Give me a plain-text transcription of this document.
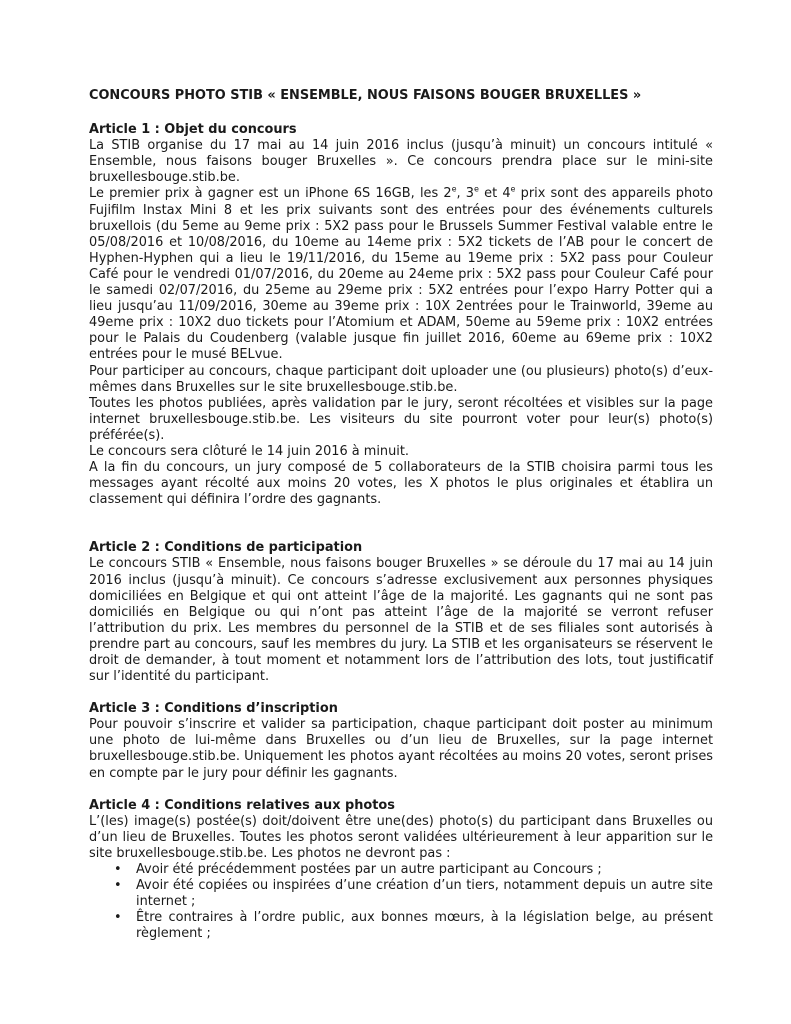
CONCOURS PHOTO STIB « ENSEMBLE, NOUS FAISONS BOUGER BRUXELLES »

Article 1 : Objet du concours

La STIB organise du 17 mai au 14 juin 2016 inclus (jusqu’à minuit) un concours intitulé « Ensemble, nous faisons bouger Bruxelles ». Ce concours prendra place sur le mini-site bruxellesbouge.stib.be.

Le premier prix à gagner est un iPhone 6S 16GB, les 2e, 3e et 4e prix sont des appareils photo Fujifilm Instax Mini 8 et les prix suivants sont des entrées pour des événements culturels bruxellois (du 5eme au 9eme prix : 5X2 pass pour le Brussels Summer Festival valable entre le 05/08/2016 et 10/08/2016, du 10eme au 14eme prix : 5X2 tickets de l’AB pour le concert de Hyphen-Hyphen qui a lieu le 19/11/2016, du 15eme au 19eme prix : 5X2 pass pour Couleur Café pour le vendredi 01/07/2016, du 20eme au 24eme prix : 5X2 pass pour Couleur Café pour le samedi 02/07/2016, du 25eme au 29eme prix : 5X2 entrées pour l’expo Harry Potter qui a lieu jusqu’au 11/09/2016, 30eme au 39eme prix : 10X 2entrées pour le Trainworld, 39eme au 49eme prix : 10X2 duo tickets pour l’Atomium et ADAM, 50eme au 59eme prix : 10X2 entrées pour le Palais du Coudenberg (valable jusque fin juillet 2016, 60eme au 69eme prix : 10X2 entrées pour le musé BELvue.

Pour participer au concours, chaque participant doit uploader une (ou plusieurs) photo(s) d’eux-mêmes dans Bruxelles sur le site bruxellesbouge.stib.be.

Toutes les photos publiées, après validation par le jury, seront récoltées et visibles sur la page internet bruxellesbouge.stib.be. Les visiteurs du site pourront voter pour leur(s) photo(s) préférée(s).

Le concours sera clôturé le 14 juin 2016 à minuit.

A la fin du concours, un jury composé de 5 collaborateurs de la STIB choisira parmi tous les messages ayant récolté aux moins 20 votes, les X photos le plus originales et établira un classement qui définira l’ordre des gagnants.

Article 2 : Conditions de participation

Le concours STIB « Ensemble, nous faisons bouger Bruxelles » se déroule du 17 mai au 14 juin 2016 inclus (jusqu’à minuit). Ce concours s’adresse exclusivement aux personnes physiques domiciliées en Belgique et qui ont atteint l’âge de la majorité. Les gagnants qui ne sont pas domiciliés en Belgique ou qui n’ont pas atteint l’âge de la majorité se verront refuser l’attribution du prix. Les membres du personnel de la STIB et de ses filiales sont autorisés à prendre part au concours, sauf les membres du jury. La STIB et les organisateurs se réservent le droit de demander, à tout moment et notamment lors de l’attribution des lots, tout justificatif sur l’identité du participant.

Article 3 : Conditions d’inscription

Pour pouvoir s’inscrire et valider sa participation, chaque participant doit poster au minimum une photo de lui-même dans Bruxelles ou d’un lieu de Bruxelles, sur la page internet bruxellesbouge.stib.be. Uniquement les photos ayant récoltées au moins 20 votes, seront prises en compte par le jury pour définir les gagnants.

Article 4 : Conditions relatives aux photos

L’(les) image(s) postée(s) doit/doivent être une(des) photo(s) du participant dans Bruxelles ou d’un lieu de Bruxelles. Toutes les photos seront validées ultérieurement à leur apparition sur le site bruxellesbouge.stib.be. Les photos ne devront pas :

• Avoir été précédemment postées par un autre participant au Concours ;
• Avoir été copiées ou inspirées d’une création d’un tiers, notamment depuis un autre site internet ;
• Être contraires à l’ordre public, aux bonnes mœurs, à la législation belge, au présent règlement ;
